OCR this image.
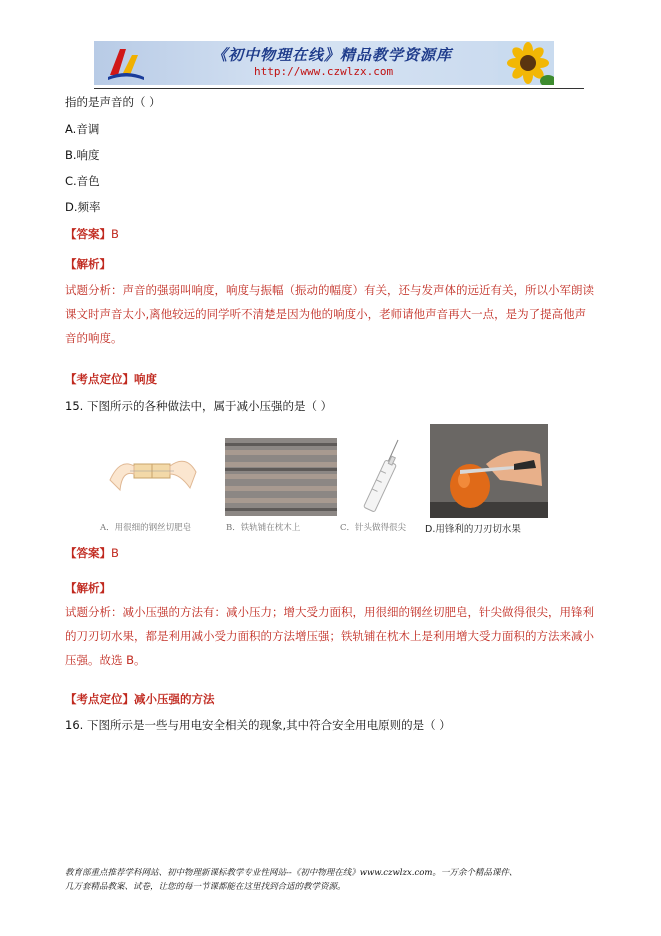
《初中物理在线》精品教学资源库
http://www.czwlzx.com
指的是声音的（ ）
A.音调
B.响度
C.音色
D.频率
【答案】B
【解析】
试题分析：声音的强弱叫响度，响度与振幅（振动的幅度）有关，还与发声体的远近有关，所以小军朗读课文时声音太小,离他较远的同学听不清楚是因为他的响度小，老师请他声音再大一点，是为了提高他声音的响度。
【考点定位】响度
15. 下图所示的各种做法中，属于减小压强的是（ ）
A．用很细的钢丝切肥皂	B．铁轨铺在枕木上	C．针头做得很尖 D.用锋利的刀刃切水果
【答案】B
【解析】
试题分析：减小压强的方法有：减小压力；增大受力面积，用很细的钢丝切肥皂，针尖做得很尖，用锋利的刀刃切水果，都是利用减小受力面积的方法增压强；铁轨铺在枕木上是利用增大受力面积的方法来减小压强。故选 B。
【考点定位】减小压强的方法
16. 下图所示是一些与用电安全相关的现象,其中符合安全用电原则的是（ ）
教育部重点推荐学科网站、初中物理新课标教学专业性网站--《初中物理在线》www.czwlzx.com。一万余个精品课件、
几万套精品教案、试卷，让您的每一节课都能在这里找到合适的教学资源。
